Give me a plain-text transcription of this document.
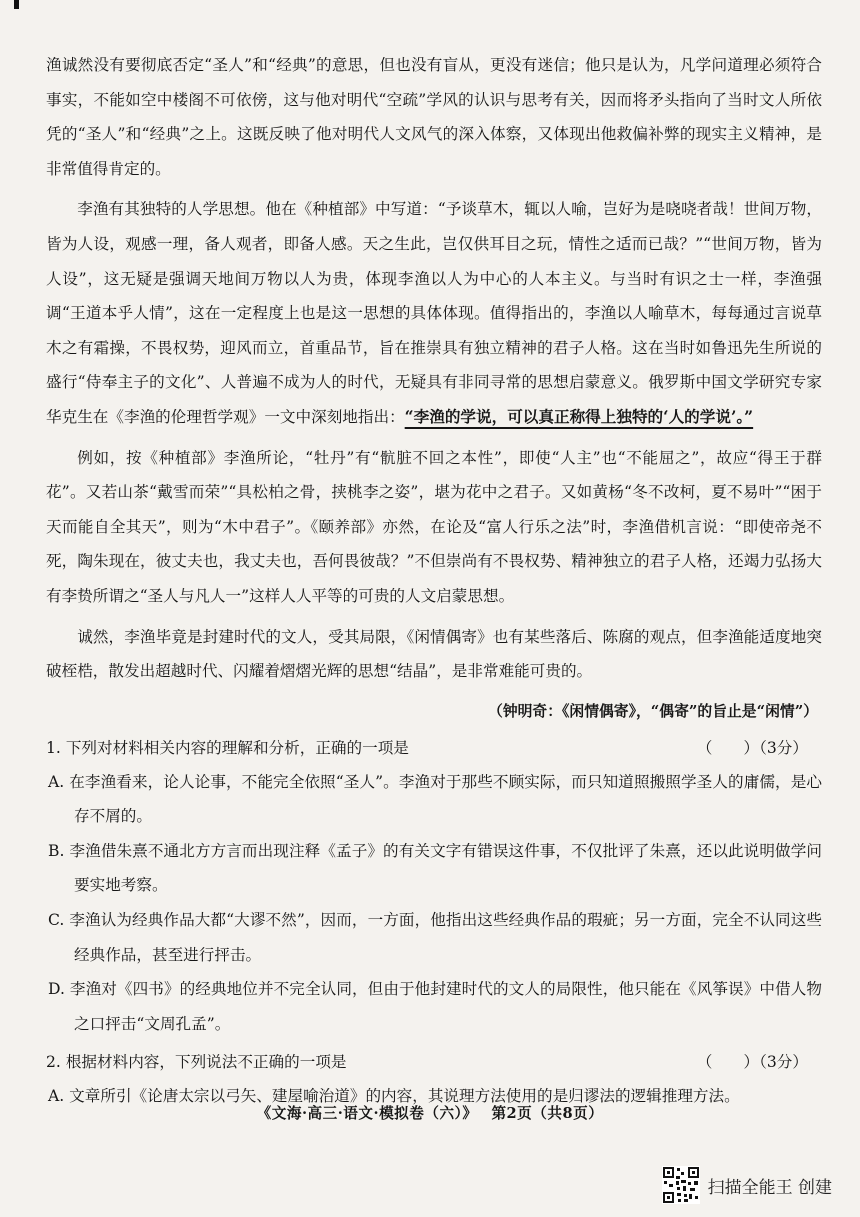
渔诚然没有要彻底否定“圣人”和“经典”的意思，但也没有盲从，更没有迷信；他只是认为，凡学问道理必须符合事实，不能如空中楼阁不可依傍，这与他对明代“空疏”学风的认识与思考有关，因而将矛头指向了当时文人所依凭的“圣人”和“经典”之上。这既反映了他对明代人文风气的深入体察，又体现出他救偏补弊的现实主义精神，是非常值得肯定的。

李渔有其独特的人学思想。他在《种植部》中写道：“予谈草木，辄以人喻，岂好为是哓哓者哉！世间万物，皆为人设，观感一理，备人观者，即备人感。天之生此，岂仅供耳目之玩，情性之适而已哉？”“世间万物，皆为人设”，这无疑是强调天地间万物以人为贵，体现李渔以人为中心的人本主义。与当时有识之士一样，李渔强调“王道本乎人情”，这在一定程度上也是这一思想的具体体现。值得指出的，李渔以人喻草木，每每通过言说草木之有霜操，不畏权势，迎风而立，首重品节，旨在推崇具有独立精神的君子人格。这在当时如鲁迅先生所说的盛行“侍奉主子的文化”、人普遍不成为人的时代，无疑具有非同寻常的思想启蒙意义。俄罗斯中国文学研究专家华克生在《李渔的伦理哲学观》一文中深刻地指出：“李渔的学说，可以真正称得上独特的‘人的学说’。”

例如，按《种植部》李渔所论，“牡丹”有“骯脏不回之本性”，即使“人主”也“不能屈之”，故应“得王于群花”。又若山茶“戴雪而荣”“具松柏之骨，挟桃李之姿”，堪为花中之君子。又如黄杨“冬不改柯，夏不易叶”“困于天而能自全其天”，则为“木中君子”。《颐养部》亦然，在论及“富人行乐之法”时，李渔借机言说：“即使帝尧不死，陶朱现在，彼丈夫也，我丈夫也，吾何畏彼哉？”不但崇尚有不畏权势、精神独立的君子人格，还竭力弘扬大有李贽所谓之“圣人与凡人一”这样人人平等的可贵的人文启蒙思想。

诚然，李渔毕竟是封建时代的文人，受其局限，《闲情偶寄》也有某些落后、陈腐的观点，但李渔能适度地突破桎梏，散发出超越时代、闪耀着熠熠光辉的思想“结晶”，是非常难能可贵的。

（钟明奇：《闲情偶寄》，“偶寄”的旨止是“闲情”）

1. 下列对材料相关内容的理解和分析，正确的一项是	（　　）（3分）

A. 在李渔看来，论人论事，不能完全依照“圣人”。李渔对于那些不顾实际，而只知道照搬照学圣人的庸儒，是心存不屑的。

B. 李渔借朱熹不通北方方言而出现注释《孟子》的有关文字有错误这件事，不仅批评了朱熹，还以此说明做学问要实地考察。

C. 李渔认为经典作品大都“大谬不然”，因而，一方面，他指出这些经典作品的瑕疵；另一方面，完全不认同这些经典作品，甚至进行抨击。

D. 李渔对《四书》的经典地位并不完全认同，但由于他封建时代的文人的局限性，他只能在《风筝误》中借人物之口抨击“文周孔孟”。

2. 根据材料内容，下列说法不正确的一项是	（　　）（3分）

A. 文章所引《论唐太宗以弓矢、建屋喻治道》的内容，其说理方法使用的是归谬法的逻辑推理方法。

《文海·高三·语文·模拟卷（六）》 第2页（共8页）
扫描全能王 创建
